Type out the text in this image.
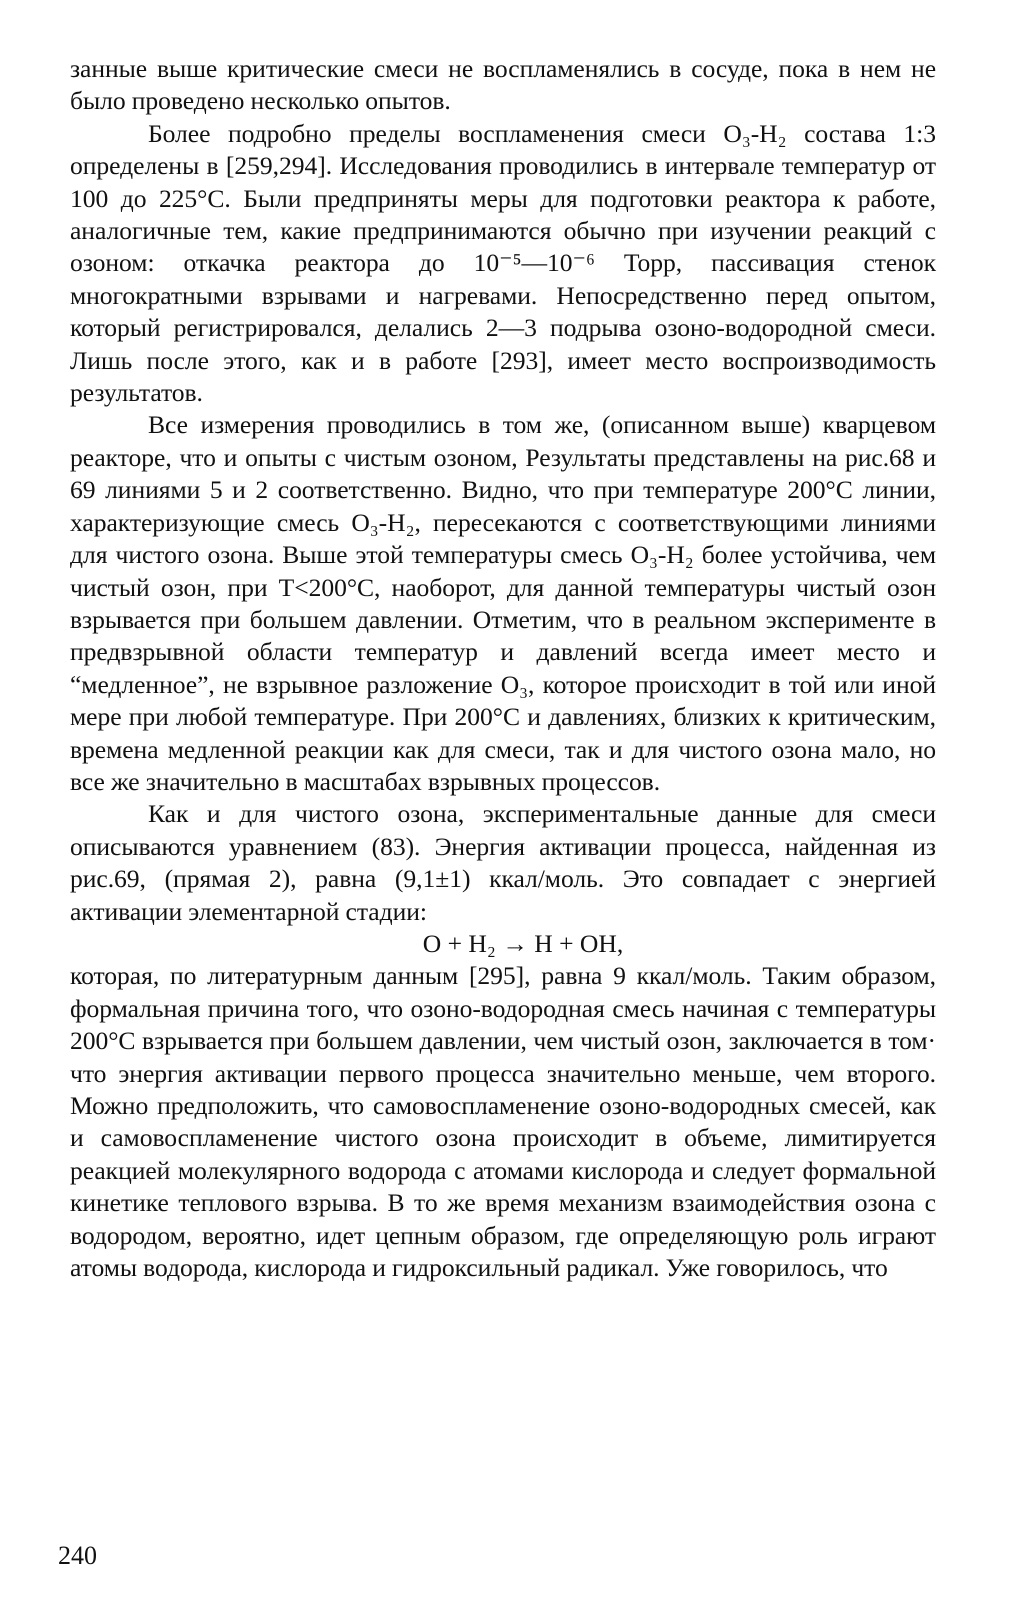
занные выше критические смеси не воспламенялись в сосуде, пока в нем не было проведено несколько опытов.

Более подробно пределы воспламенения смеси O₃-H₂ состава 1:3 определены в [259,294]. Исследования проводились в интервале температур от 100 до 225°С. Были предприняты меры для подготовки реактора к работе, аналогичные тем, какие предпринимаются обычно при изучении реакций с озоном: откачка реактора до 10⁻⁵—10⁻⁶ Торр, пассивация стенок многократными взрывами и нагревами. Непосредственно перед опытом, который регистрировался, делались 2—3 подрыва озоно-водородной смеси. Лишь после этого, как и в работе [293], имеет место воспроизводимость результатов.

Все измерения проводились в том же, (описанном выше) кварцевом реакторе, что и опыты с чистым озоном, Результаты представлены на рис.68 и 69 линиями 5 и 2 соответственно. Видно, что при температуре 200°С линии, характеризующие смесь O₃-H₂, пересекаются с соответствующими линиями для чистого озона. Выше этой температуры смесь O₃-H₂ более устойчива, чем чистый озон, при T<200°С, наоборот, для данной температуры чистый озон взрывается при большем давлении. Отметим, что в реальном эксперименте в предвзрывной области температур и давлений всегда имеет место и “медленное”, не взрывное разложение O₃, которое происходит в той или иной мере при любой температуре. При 200°С и давлениях, близких к критическим, времена медленной реакции как для смеси, так и для чистого озона мало, но все же значительно в масштабах взрывных процессов.

Как и для чистого озона, экспериментальные данные для смеси описываются уравнением (83). Энергия активации процесса, найденная из рис.69, (прямая 2), равна (9,1±1) ккал/моль. Это совпадает с энергией активации элементарной стадии:

O + H₂ → H + OH,

которая, по литературным данным [295], равна 9 ккал/моль. Таким образом, формальная причина того, что озоно-водородная смесь начиная с температуры 200°С взрывается при большем давлении, чем чистый озон, заключается в том· что энергия активации первого процесса значительно меньше, чем второго. Можно предположить, что самовоспламенение озоно-водородных смесей, как и самовоспламенение чистого озона происходит в объеме, лимитируется реакцией молекулярного водорода с атомами кислорода и следует формальной кинетике теплового взрыва. В то же время механизм взаимодействия озона с водородом, вероятно, идет цепным образом, где определяющую роль играют атомы водорода, кислорода и гидроксильный радикал. Уже говорилось, что

240
